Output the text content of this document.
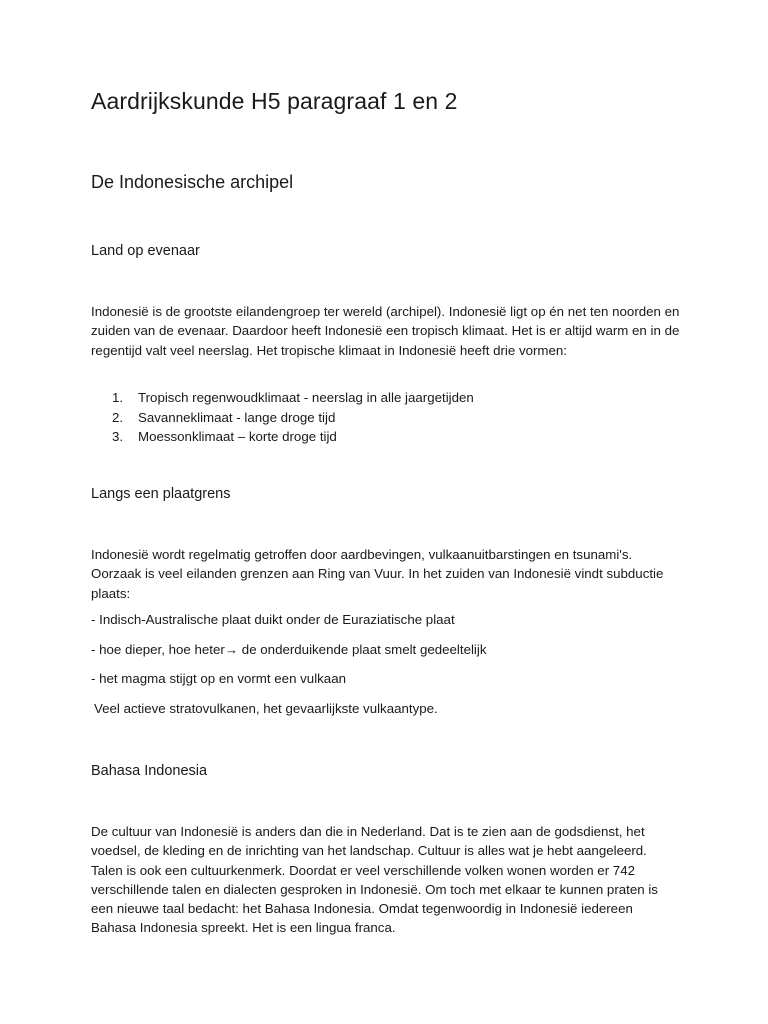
Aardrijkskunde H5 paragraaf 1 en 2
De Indonesische archipel
Land op evenaar

Indonesië is de grootste eilandengroep ter wereld (archipel). Indonesië ligt op én net ten noorden en zuiden van de evenaar. Daardoor heeft Indonesië een tropisch klimaat. Het is er altijd warm en in de regentijd valt veel neerslag. Het tropische klimaat in Indonesië heeft drie vormen:

1.	Tropisch regenwoudklimaat - neerslag in alle jaargetijden
2.	Savanneklimaat - lange droge tijd
3.	Moessonklimaat – korte droge tijd
Langs een plaatgrens

Indonesië wordt regelmatig getroffen door aardbevingen, vulkaanuitbarstingen en tsunami's. Oorzaak is veel eilanden grenzen aan Ring van Vuur. In het zuiden van Indonesië vindt subductie plaats:

- Indisch-Australische plaat duikt onder de Euraziatische plaat

- hoe dieper, hoe heter→ de onderduikende plaat smelt gedeeltelijk

- het magma stijgt op en vormt een vulkaan

Veel actieve stratovulkanen, het gevaarlijkste vulkaantype.

Bahasa Indonesia

De cultuur van Indonesië is anders dan die in Nederland. Dat is te zien aan de godsdienst, het voedsel, de kleding en de inrichting van het landschap. Cultuur is alles wat je hebt aangeleerd. Talen is ook een cultuurkenmerk. Doordat er veel verschillende volken wonen worden er 742 verschillende talen en dialecten gesproken in Indonesië. Om toch met elkaar te kunnen praten is een nieuwe taal bedacht: het Bahasa Indonesia. Omdat tegenwoordig in Indonesië iedereen Bahasa Indonesia spreekt. Het is een lingua franca.
